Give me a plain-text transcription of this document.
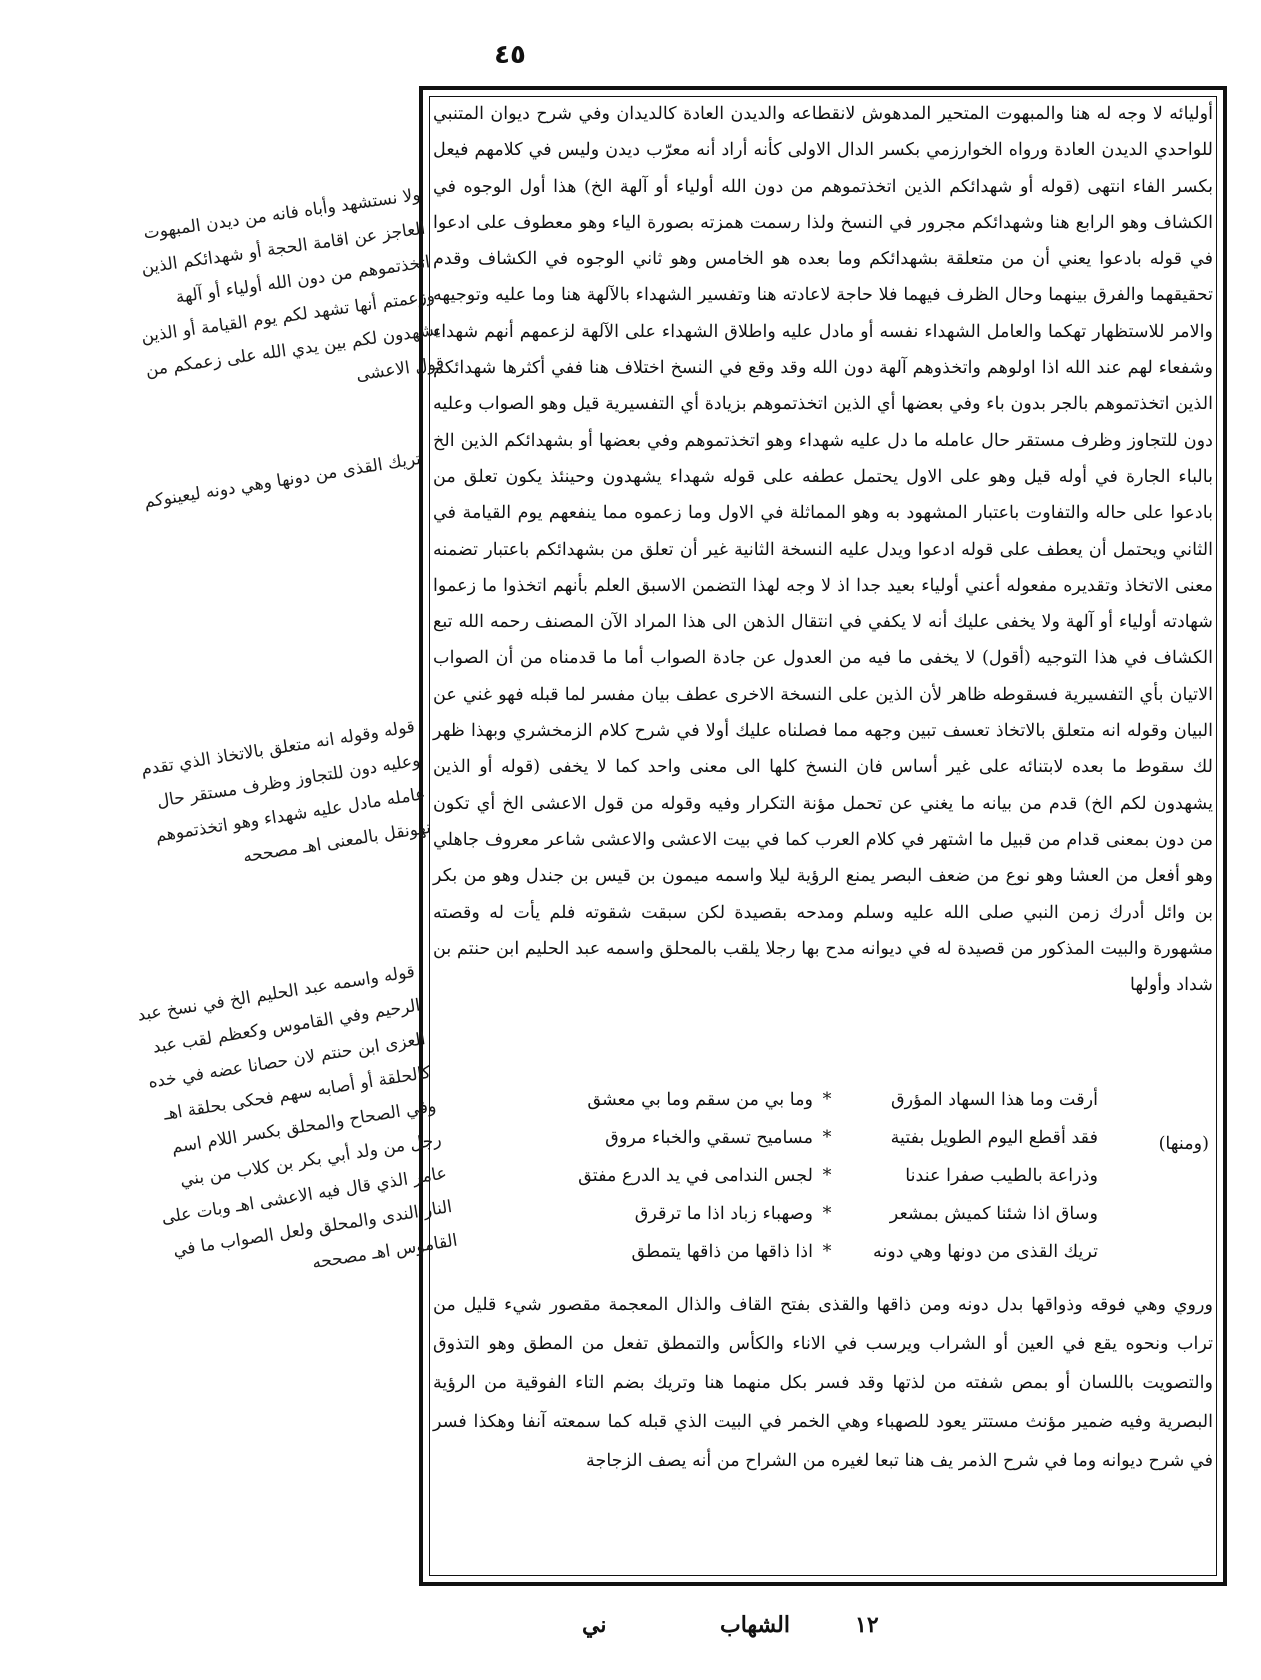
٤٥

أوليائه لا وجه له هنا والمبهوت المتحير المدهوش لانقطاعه والديدن العادة كالديدان وفي شرح ديوان المتنبي للواحدي الديدن العادة ورواه الخوارزمي بكسر الدال الاولى كأنه أراد أنه معرّب ديدن وليس في كلامهم فيعل بكسر الفاء انتهى (قوله أو شهدائكم الذين اتخذتموهم من دون الله أولياء أو آلهة الخ) هذا أول الوجوه في الكشاف وهو الرابع هنا وشهدائكم مجرور في النسخ ولذا رسمت همزته بصورة الياء وهو معطوف على ادعوا في قوله بادعوا يعني أن من متعلقة بشهدائكم وما بعده هو الخامس وهو ثاني الوجوه في الكشاف وقدم تحقيقهما والفرق بينهما وحال الظرف فيهما فلا حاجة لاعادته هنا وتفسير الشهداء بالآلهة هنا وما عليه وتوجيهه والامر للاستظهار تهكما والعامل الشهداء نفسه أو مادل عليه واطلاق الشهداء على الآلهة لزعمهم أنهم شهداء وشفعاء لهم عند الله اذا اولوهم واتخذوهم آلهة دون الله وقد وقع في النسخ اختلاف هنا ففي أكثرها شهدائكم الذين اتخذتموهم بالجر بدون باء وفي بعضها أي الذين اتخذتموهم بزيادة أي التفسيرية قيل وهو الصواب وعليه دون للتجاوز وظرف مستقر حال عامله ما دل عليه شهداء وهو اتخذتموهم وفي بعضها أو بشهدائكم الذين الخ بالباء الجارة في أوله قيل وهو على الاول يحتمل عطفه على قوله شهداء يشهدون وحينئذ يكون تعلق من بادعوا على حاله والتفاوت باعتبار المشهود به وهو المماثلة في الاول وما زعموه مما ينفعهم يوم القيامة في الثاني ويحتمل أن يعطف على قوله ادعوا ويدل عليه النسخة الثانية غير أن تعلق من بشهدائكم باعتبار تضمنه معنى الاتخاذ وتقديره مفعوله أعني أولياء بعيد جدا اذ لا وجه لهذا التضمن الاسبق العلم بأنهم اتخذوا ما زعموا شهادته أولياء أو آلهة ولا يخفى عليك أنه لا يكفي في انتقال الذهن الى هذا المراد الآن المصنف رحمه الله تبع الكشاف في هذا التوجيه (أقول) لا يخفى ما فيه من العدول عن جادة الصواب أما ما قدمناه من أن الصواب الاتيان بأي التفسيرية فسقوطه ظاهر لأن الذين على النسخة الاخرى عطف بيان مفسر لما قبله فهو غني عن البيان وقوله انه متعلق بالاتخاذ تعسف تبين وجهه مما فصلناه عليك أولا في شرح كلام الزمخشري وبهذا ظهر لك سقوط ما بعده لابتنائه على غير أساس فان النسخ كلها الى معنى واحد كما لا يخفى (قوله أو الذين يشهدون لكم الخ) قدم من بيانه ما يغني عن تحمل مؤنة التكرار وفيه وقوله من قول الاعشى الخ أي تكون من دون بمعنى قدام من قبيل ما اشتهر في كلام العرب كما في بيت الاعشى والاعشى شاعر معروف جاهلي وهو أفعل من العشا وهو نوع من ضعف البصر يمنع الرؤية ليلا واسمه ميمون بن قيس بن جندل وهو من بكر بن وائل أدرك زمن النبي صلى الله عليه وسلم ومدحه بقصيدة لكن سبقت شقوته فلم يأت له وقصته مشهورة والبيت المذكور من قصيدة له في ديوانه مدح بها رجلا يلقب بالمحلق واسمه عبد الحليم ابن حنتم بن شداد وأولها

(ومنها)
أرقت وما هذا السهاد المؤرق
*
وما بي من سقم وما بي معشق
فقد أقطع اليوم الطويل بفتية
*
مساميح تسقي والخباء مروق
وذراعة بالطيب صفرا عندنا
*
لجس الندامى في يد الدرع مفتق
وساق اذا شئنا كميش بمشعر
*
وصهباء زباد اذا ما ترقرق
تريك القذى من دونها وهي دونه
*
اذا ذاقها من ذاقها يتمطق

وروي وهي فوقه وذواقها بدل دونه ومن ذاقها والقذى بفتح القاف والذال المعجمة مقصور شيء قليل من تراب ونحوه يقع في العين أو الشراب ويرسب في الاناء والكأس والتمطق تفعل من المطق وهو التذوق والتصويت باللسان أو بمص شفته من لذتها وقد فسر بكل منهما هنا وتريك بضم التاء الفوقية من الرؤية البصرية وفيه ضمير مؤنث مستتر يعود للصهباء وهي الخمر في البيت الذي قبله كما سمعته آنفا وهكذا فسر في شرح ديوانه وما في شرح الذمر يف هنا تبعا لغيره من الشراح من أنه يصف الزجاجة

١٢
الشهاب
ني

ولا نستشهد وأباه فانه من ديدن المبهوت العاجز عن اقامة الحجة أو شهدائكم الذين اتخذتموهم من دون الله أولياء أو آلهة وزعمتم أنها تشهد لكم يوم القيامة أو الذين يشهدون لكم بين يدي الله على زعمكم من قول الاعشى

تريك القذى من دونها وهي دونه ليعينوكم

قوله وقوله انه متعلق بالاتخاذ الذي تقدم وعليه دون للتجاوز وظرف مستقر حال عامله مادل عليه شهداء وهو اتخذتموهم نهونقل بالمعنى اهـ مصححه

قوله واسمه عبد الحليم الخ في نسخ عبد الرحيم وفي القاموس وكعظم لقب عبد العزى ابن حنتم لان حصانا عضه في خده كالحلقة أو أصابه سهم فحكى بحلقة اهـ وفي الصحاح والمحلق بكسر اللام اسم رجل من ولد أبي بكر بن كلاب من بني عامر الذي قال فيه الاعشى اهـ وبات على النار الندى والمحلق ولعل الصواب ما في القاموس اهـ مصححه
